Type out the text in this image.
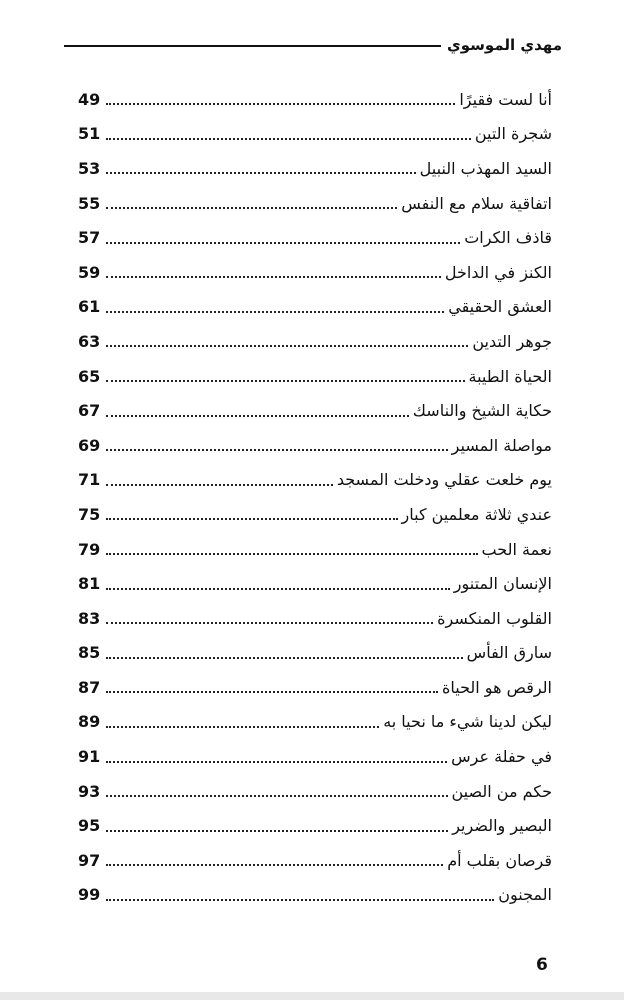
مهدي الموسوي
أنا لست فقيرًا
49
شجرة التين
51
السيد المهذب النبيل
53
اتفاقية سلام مع النفس
55
قاذف الكرات
57
الكنز في الداخل
59
العشق الحقيقي
61
جوهر التدين
63
الحياة الطيبة
65
حكاية الشيخ والناسك
67
مواصلة المسير
69
يوم خلعت عقلي ودخلت المسجد
71
عندي ثلاثة معلمين كبار
75
نعمة الحب
79
الإنسان المتنور
81
القلوب المنكسرة
83
سارق الفأس
85
الرقص هو الحياة
87
ليكن لدينا شيء ما نحيا به
89
في حفلة عرس
91
حكم من الصين
93
البصير والضرير
95
قرصان بقلب أم
97
المجنون
99
6
